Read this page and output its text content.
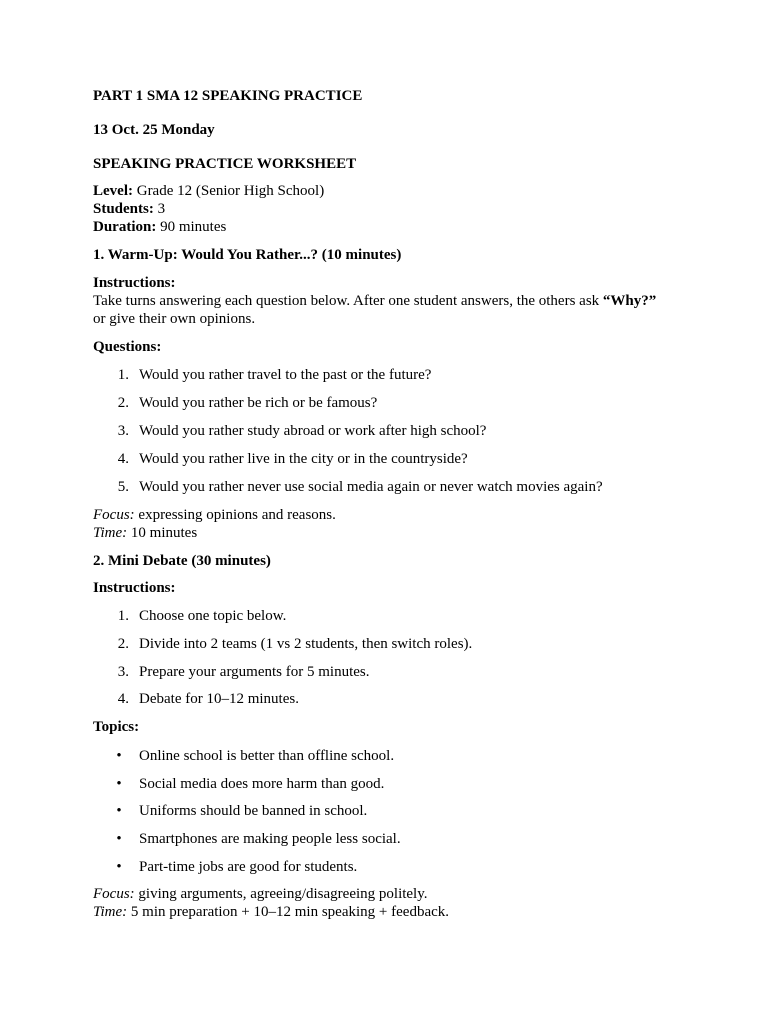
PART 1 SMA 12 SPEAKING PRACTICE
13 Oct. 25 Monday
SPEAKING PRACTICE WORKSHEET
Level: Grade 12 (Senior High School)
Students: 3
Duration: 90 minutes
1. Warm-Up: Would You Rather...? (10 minutes)
Instructions:
Take turns answering each question below. After one student answers, the others ask “Why?”
or give their own opinions.
Questions:
1. Would you rather travel to the past or the future?
2. Would you rather be rich or be famous?
3. Would you rather study abroad or work after high school?
4. Would you rather live in the city or in the countryside?
5. Would you rather never use social media again or never watch movies again?
Focus: expressing opinions and reasons.
Time: 10 minutes
2. Mini Debate (30 minutes)
Instructions:
1. Choose one topic below.
2. Divide into 2 teams (1 vs 2 students, then switch roles).
3. Prepare your arguments for 5 minutes.
4. Debate for 10–12 minutes.
Topics:
• Online school is better than offline school.
• Social media does more harm than good.
• Uniforms should be banned in school.
• Smartphones are making people less social.
• Part-time jobs are good for students.
Focus: giving arguments, agreeing/disagreeing politely.
Time: 5 min preparation + 10–12 min speaking + feedback.
